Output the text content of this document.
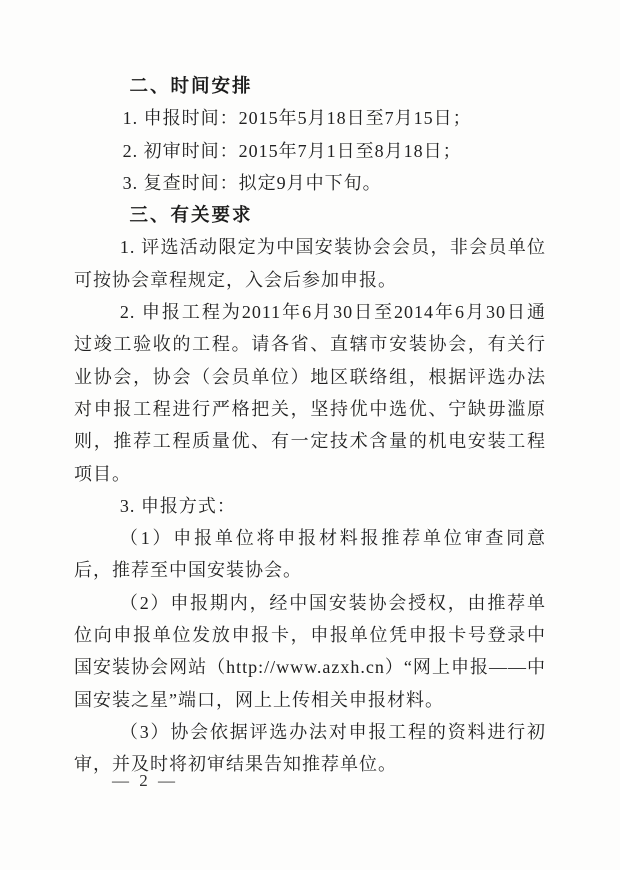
二、时间安排
1. 申报时间：2015年5月18日至7月15日；
2. 初审时间：2015年7月1日至8月18日；
3. 复查时间：拟定9月中下旬。
三、有关要求

1. 评选活动限定为中国安装协会会员，非会员单位可按协会章程规定，入会后参加申报。

2. 申报工程为2011年6月30日至2014年6月30日通过竣工验收的工程。请各省、直辖市安装协会，有关行业协会，协会（会员单位）地区联络组，根据评选办法对申报工程进行严格把关，坚持优中选优、宁缺毋滥原则，推荐工程质量优、有一定技术含量的机电安装工程项目。

3. 申报方式：

（1）申报单位将申报材料报推荐单位审查同意后，推荐至中国安装协会。

（2）申报期内，经中国安装协会授权，由推荐单位向申报单位发放申报卡，申报单位凭申报卡号登录中国安装协会网站（http://www.azxh.cn）“网上申报——中国安装之星”端口，网上上传相关申报材料。

（3）协会依据评选办法对申报工程的资料进行初审，并及时将初审结果告知推荐单位。

— 2 —
